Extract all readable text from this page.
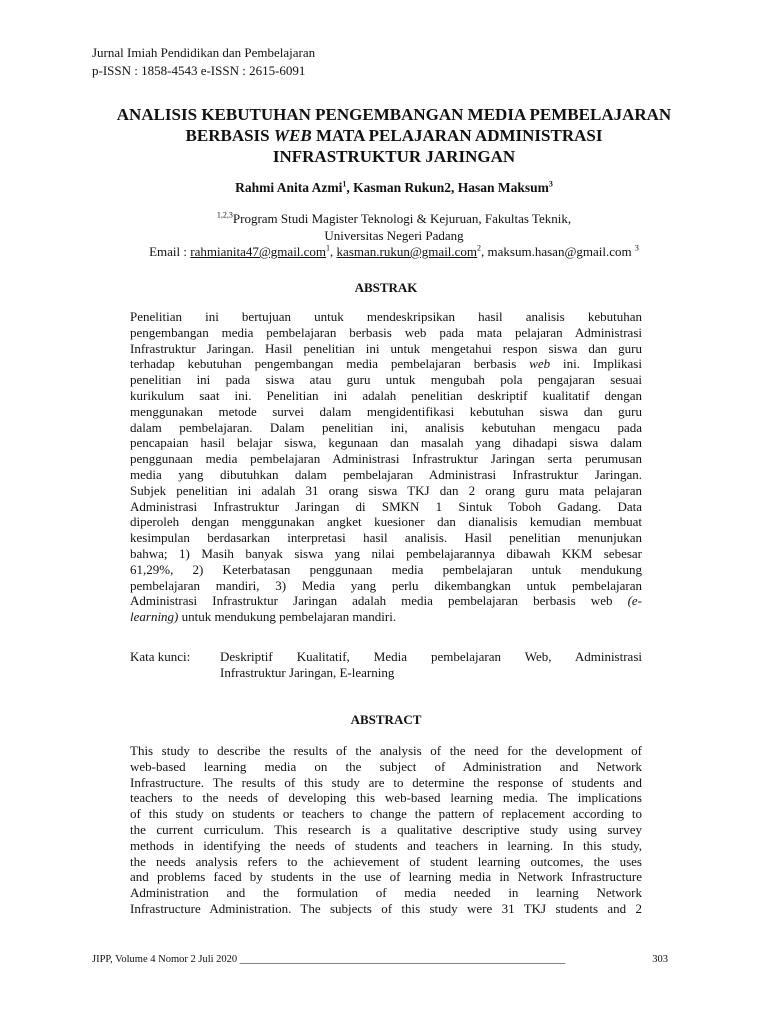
Jurnal Imiah Pendidikan dan Pembelajaran
p-ISSN : 1858-4543 e-ISSN : 2615-6091
ANALISIS KEBUTUHAN PENGEMBANGAN MEDIA PEMBELAJARAN
BERBASIS WEB MATA PELAJARAN ADMINISTRASI
INFRASTRUKTUR JARINGAN
Rahmi Anita Azmi$^1$, Kasman Rukun2, Hasan Maksum$^3$
$^{1,2,3}$Program Studi Magister Teknologi & Kejuruan, Fakultas Teknik,
Universitas Negeri Padang
Email : rahmianita47@gmail.com$^1$, kasman.rukun@gmail.com$^2$, maksum.hasan@gmail.com $^3$
ABSTRAK
Penelitian ini bertujuan untuk mendeskripsikan hasil analisis kebutuhan
pengembangan media pembelajaran berbasis web pada mata pelajaran Administrasi
Infrastruktur Jaringan. Hasil penelitian ini untuk mengetahui respon siswa dan guru
terhadap kebutuhan pengembangan media pembelajaran berbasis web ini. Implikasi
penelitian ini pada siswa atau guru untuk mengubah pola pengajaran sesuai
kurikulum saat ini. Penelitian ini adalah penelitian deskriptif kualitatif dengan
menggunakan metode survei dalam mengidentifikasi kebutuhan siswa dan guru
dalam pembelajaran. Dalam penelitian ini, analisis kebutuhan mengacu pada
pencapaian hasil belajar siswa, kegunaan dan masalah yang dihadapi siswa dalam
penggunaan media pembelajaran Administrasi Infrastruktur Jaringan serta perumusan
media yang dibutuhkan dalam pembelajaran Administrasi Infrastruktur Jaringan.
Subjek penelitian ini adalah 31 orang siswa TKJ dan 2 orang guru mata pelajaran
Administrasi Infrastruktur Jaringan di SMKN 1 Sintuk Toboh Gadang. Data
diperoleh dengan menggunakan angket kuesioner dan dianalisis kemudian membuat
kesimpulan berdasarkan interpretasi hasil analisis. Hasil penelitian menunjukan
bahwa; 1) Masih banyak siswa yang nilai pembelajarannya dibawah KKM sebesar
61,29%, 2) Keterbatasan penggunaan media pembelajaran untuk mendukung
pembelajaran mandiri, 3) Media yang perlu dikembangkan untuk pembelajaran
Administrasi Infrastruktur Jaringan adalah media pembelajaran berbasis web (e-
learning) untuk mendukung pembelajaran mandiri.
Kata kunci: Deskriptif Kualitatif, Media pembelajaran Web, Administrasi
Infrastruktur Jaringan, E-learning
ABSTRACT
This study to describe the results of the analysis of the need for the development of
web-based learning media on the subject of Administration and Network
Infrastructure. The results of this study are to determine the response of students and
teachers to the needs of developing this web-based learning media. The implications
of this study on students or teachers to change the pattern of replacement according to
the current curriculum. This research is a qualitative descriptive study using survey
methods in identifying the needs of students and teachers in learning. In this study,
the needs analysis refers to the achievement of student learning outcomes, the uses
and problems faced by students in the use of learning media in Network Infrastructure
Administration and the formulation of media needed in learning Network
Infrastructure Administration. The subjects of this study were 31 TKJ students and 2
JIPP, Volume 4 Nomor 2 Juli 2020 ______________________________________________________________	303
